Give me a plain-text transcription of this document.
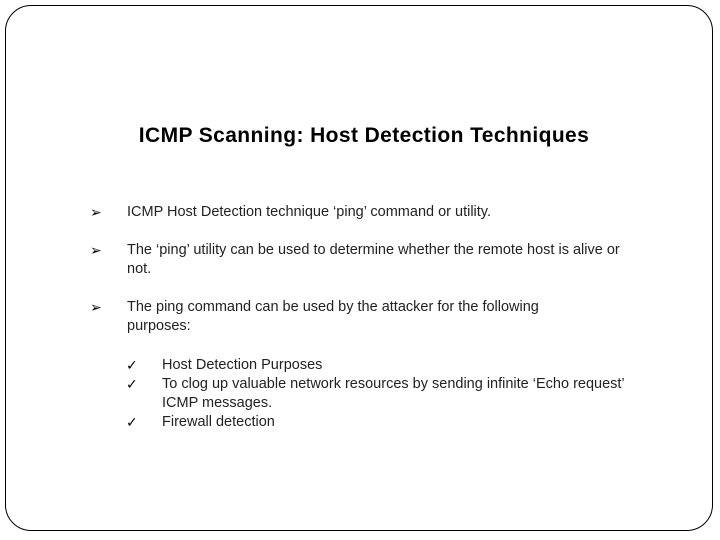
ICMP Scanning: Host Detection Techniques
➢ ICMP Host Detection technique ‘ping’ command or utility.
➢ The ‘ping’ utility can be used to determine whether the remote host is alive or not.
➢ The ping command can be used by the attacker for the following purposes:
✓ Host Detection Purposes
✓ To clog up valuable network resources by sending infinite ‘Echo request’ ICMP messages.
✓ Firewall detection
